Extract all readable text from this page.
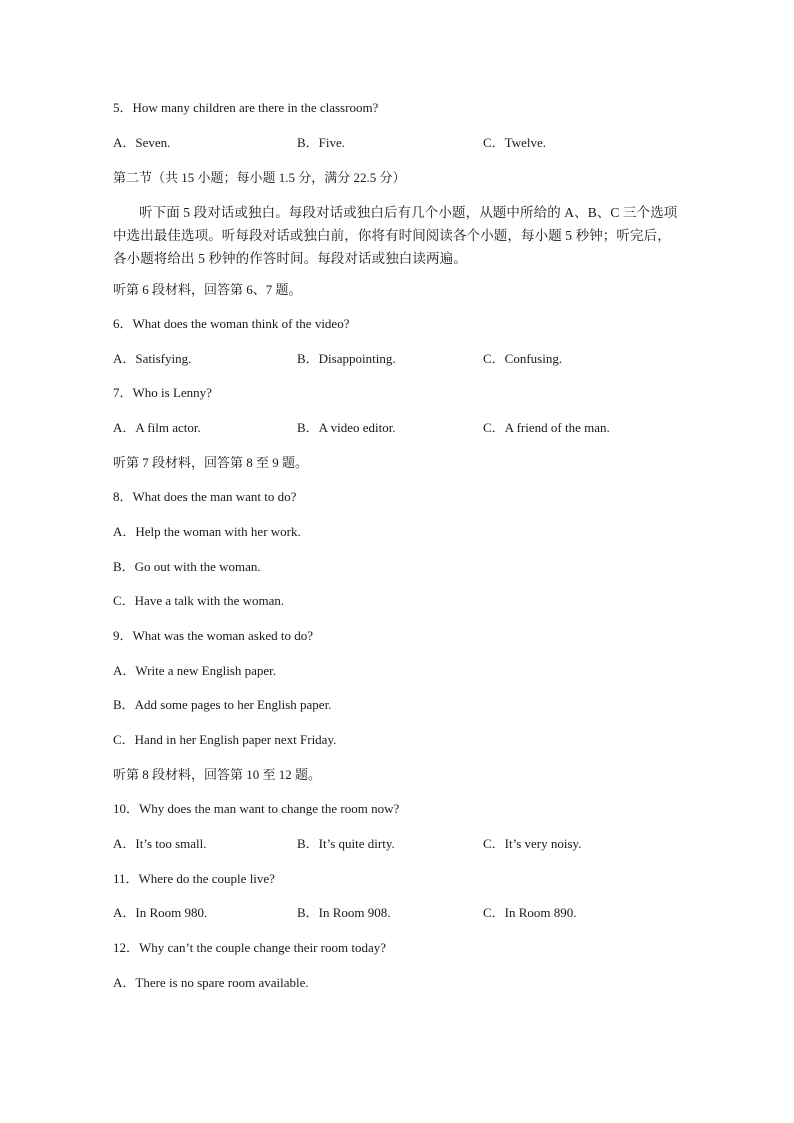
5．How many children are there in the classroom?
A．Seven.	B．Five.	C．Twelve.
第二节（共 15 小题；每小题 1.5 分，满分 22.5 分）
听下面 5 段对话或独白。每段对话或独白后有几个小题，从题中所给的 A、B、C 三个选项中选出最佳选项。听每段对话或独白前，你将有时间阅读各个小题，每小题 5 秒钟；听完后，各小题将给出 5 秒钟的作答时间。每段对话或独白读两遍。
听第 6 段材料，回答第 6、7 题。
6．What does the woman think of the video?
A．Satisfying.	B．Disappointing.	C．Confusing.
7．Who is Lenny?
A．A film actor.	B．A video editor.	C．A friend of the man.
听第 7 段材料，回答第 8 至 9 题。
8．What does the man want to do?
A．Help the woman with her work.
B．Go out with the woman.
C．Have a talk with the woman.
9．What was the woman asked to do?
A．Write a new English paper.
B．Add some pages to her English paper.
C．Hand in her English paper next Friday.
听第 8 段材料，回答第 10 至 12 题。
10．Why does the man want to change the room now?
A．It’s too small.	B．It’s quite dirty.	C．It’s very noisy.
11．Where do the couple live?
A．In Room 980.	B．In Room 908.	C．In Room 890.
12．Why can’t the couple change their room today?
A．There is no spare room available.
